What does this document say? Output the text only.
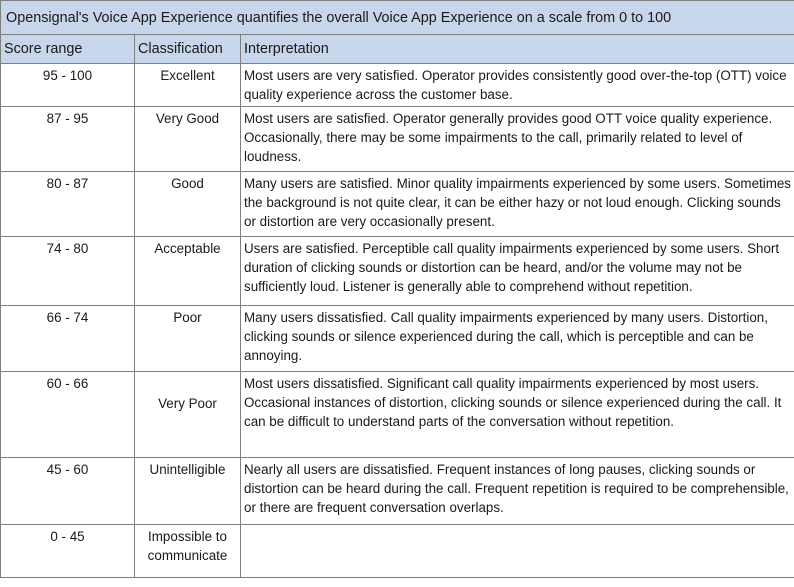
Opensignal's Voice App Experience quantifies the overall Voice App Experience on a scale from 0 to 100		
Score range	Classification	Interpretation
95 - 100	Excellent	Most users are very satisfied. Operator provides consistently good over-the-top (OTT) voice quality experience across the customer base.
87 - 95	Very Good	Most users are satisfied. Operator generally provides good OTT voice quality experience. Occasionally, there may be some impairments to the call, primarily related to level of loudness.
80 - 87	Good	Many users are satisfied. Minor quality impairments experienced by some users. Sometimes the background is not quite clear, it can be either hazy or not loud enough. Clicking sounds or distortion are very occasionally present.
74 - 80	Acceptable	Users are satisfied. Perceptible call quality impairments experienced by some users. Short duration of clicking sounds or distortion can be heard, and/or the volume may not be sufficiently loud. Listener is generally able to comprehend without repetition.
66 - 74	Poor	Many users dissatisfied. Call quality impairments experienced by many users. Distortion, clicking sounds or silence experienced during the call, which is perceptible and can be annoying.
60 - 66	Very Poor	Most users dissatisfied. Significant call quality impairments experienced by most users. Occasional instances of distortion, clicking sounds or silence experienced during the call. It can be difficult to understand parts of the conversation without repetition.
45 - 60	Unintelligible	Nearly all users are dissatisfied. Frequent instances of long pauses, clicking sounds or distortion can be heard during the call. Frequent repetition is required to be comprehensible, or there are frequent conversation overlaps.
0 - 45	Impossible to communicate	
